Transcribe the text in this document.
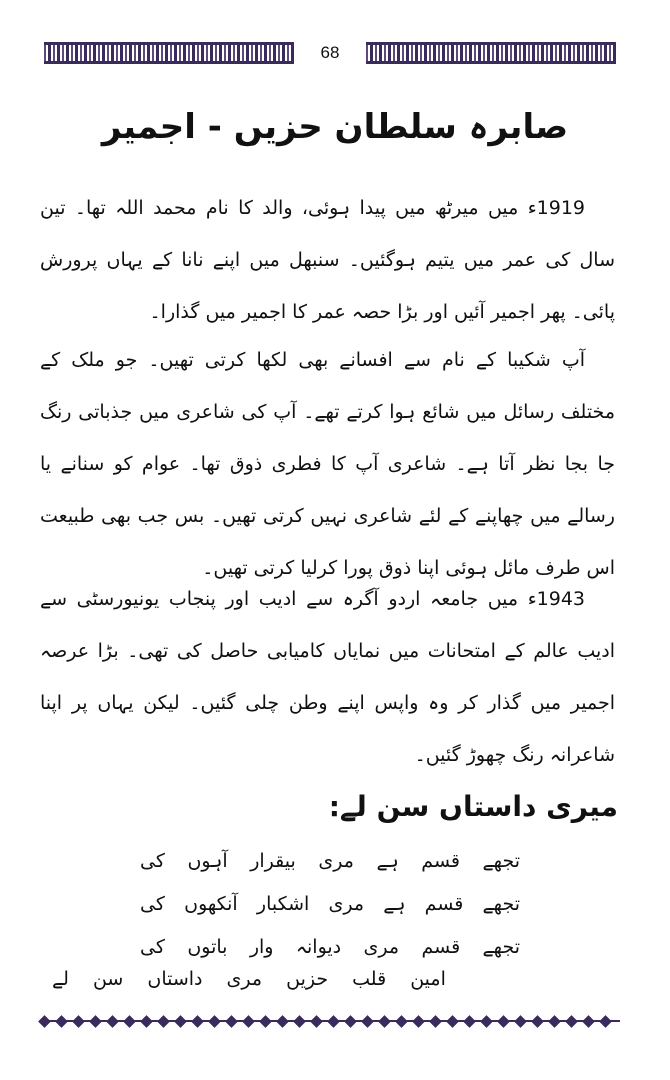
68
صابرہ سلطان حزیں - اجمیر

1919ء میں میرٹھ میں پیدا ہوئی، والد کا نام محمد اللہ تھا۔ تین سال کی عمر میں یتیم ہوگئیں۔ سنبھل میں اپنے نانا کے یہاں پرورش پائی۔ پھر اجمیر آئیں اور بڑا حصہ عمر کا اجمیر میں گذارا۔

آپ شکیبا کے نام سے افسانے بھی لکھا کرتی تھیں۔ جو ملک کے مختلف رسائل میں شائع ہوا کرتے تھے۔ آپ کی شاعری میں جذباتی رنگ جا بجا نظر آتا ہے۔ شاعری آپ کا فطری ذوق تھا۔ عوام کو سنانے یا رسالے میں چھاپنے کے لئے شاعری نہیں کرتی تھیں۔ بس جب بھی طبیعت اس طرف مائل ہوئی اپنا ذوق پورا کرلیا کرتی تھیں۔

1943ء میں جامعہ اردو آگرہ سے ادیب اور پنجاب یونیورسٹی سے ادیب عالم کے امتحانات میں نمایاں کامیابی حاصل کی تھی۔ بڑا عرصہ اجمیر میں گذار کر وہ واپس اپنے وطن چلی گئیں۔ لیکن یہاں پر اپنا شاعرانہ رنگ چھوڑ گئیں۔

میری داستاں سن لے:
تجھے
قسم
ہے
مری
بیقرار
آہوں
کی
تجھے
قسم
ہے
مری
اشکبار
آنکھوں
کی
تجھے
قسم
مری
دیوانہ
وار
باتوں
کی
امین قلب حزیں مری داستاں سن لے
